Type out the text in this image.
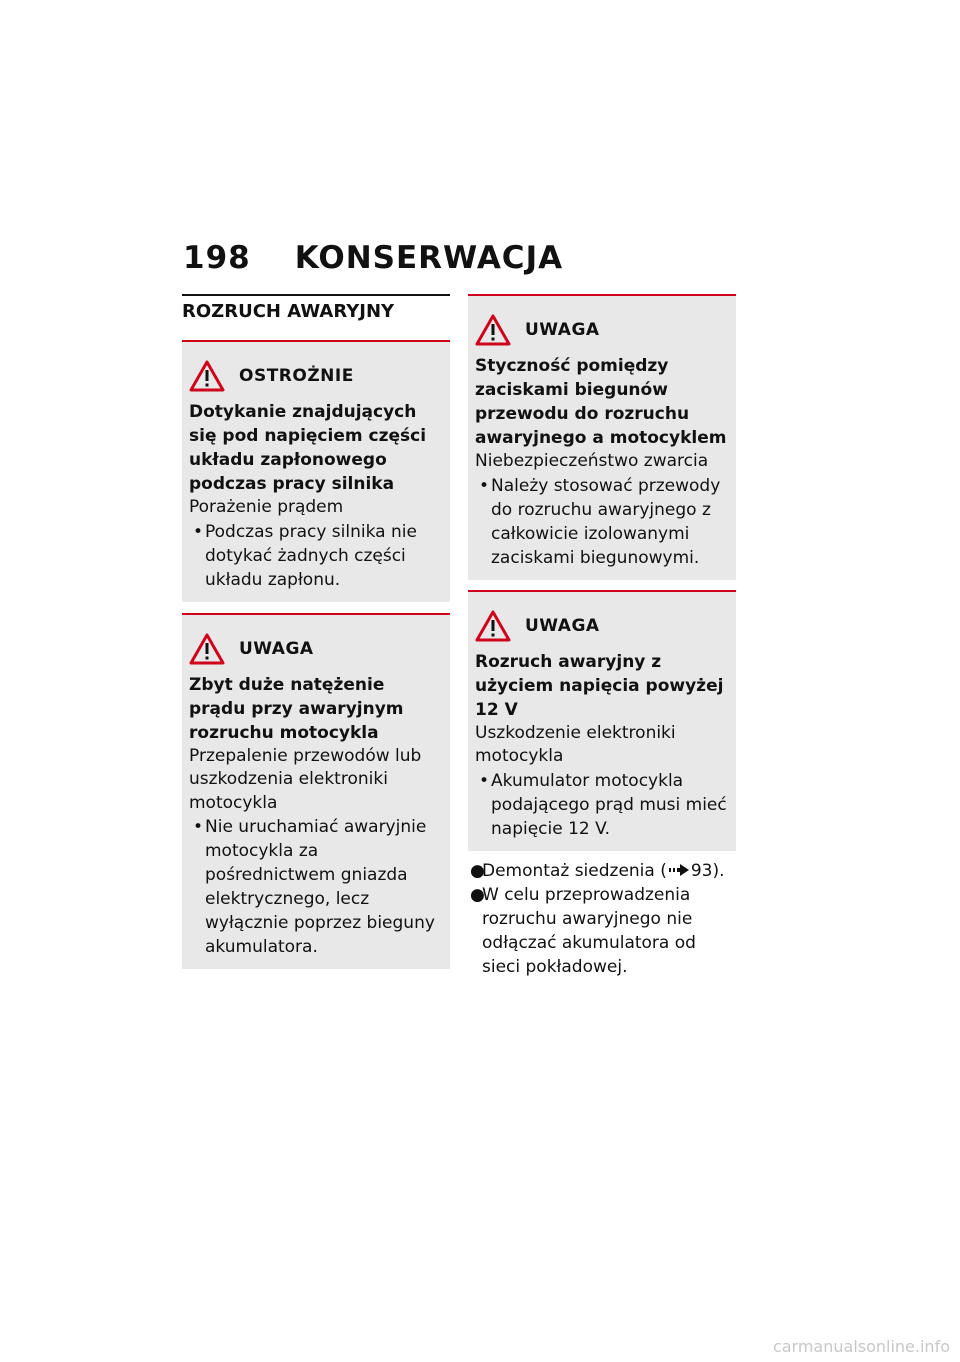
198 KONSERWACJA
ROZRUCH AWARYJNY
OSTROŻNIE

Dotykanie znajdujących się pod napięciem części układu zapłonowego podczas pracy silnika

Porażenie prądem

• Podczas pracy silnika nie dotykać żadnych części układu zapłonu.
UWAGA

Zbyt duże natężenie prądu przy awaryjnym rozruchu motocykla

Przepalenie przewodów lub uszkodzenia elektroniki motocykla

• Nie uruchamiać awaryjnie motocykla za pośrednictwem gniazda elektrycznego, lecz wyłącznie poprzez bieguny akumulatora.
UWAGA

Styczność pomiędzy zaciskami biegunów przewodu do rozruchu awaryjnego a motocyklem

Niebezpieczeństwo zwarcia

• Należy stosować przewody do rozruchu awaryjnego z całkowicie izolowanymi zaciskami biegunowymi.
UWAGA

Rozruch awaryjny z użyciem napięcia powyżej 12 V

Uszkodzenie elektroniki motocykla

• Akumulator motocykla podającego prąd musi mieć napięcie 12 V.
●Demontaż siedzenia ( 93).
●W celu przeprowadzenia rozruchu awaryjnego nie odłączać akumulatora od sieci pokładowej.
carmanualsonline.info
